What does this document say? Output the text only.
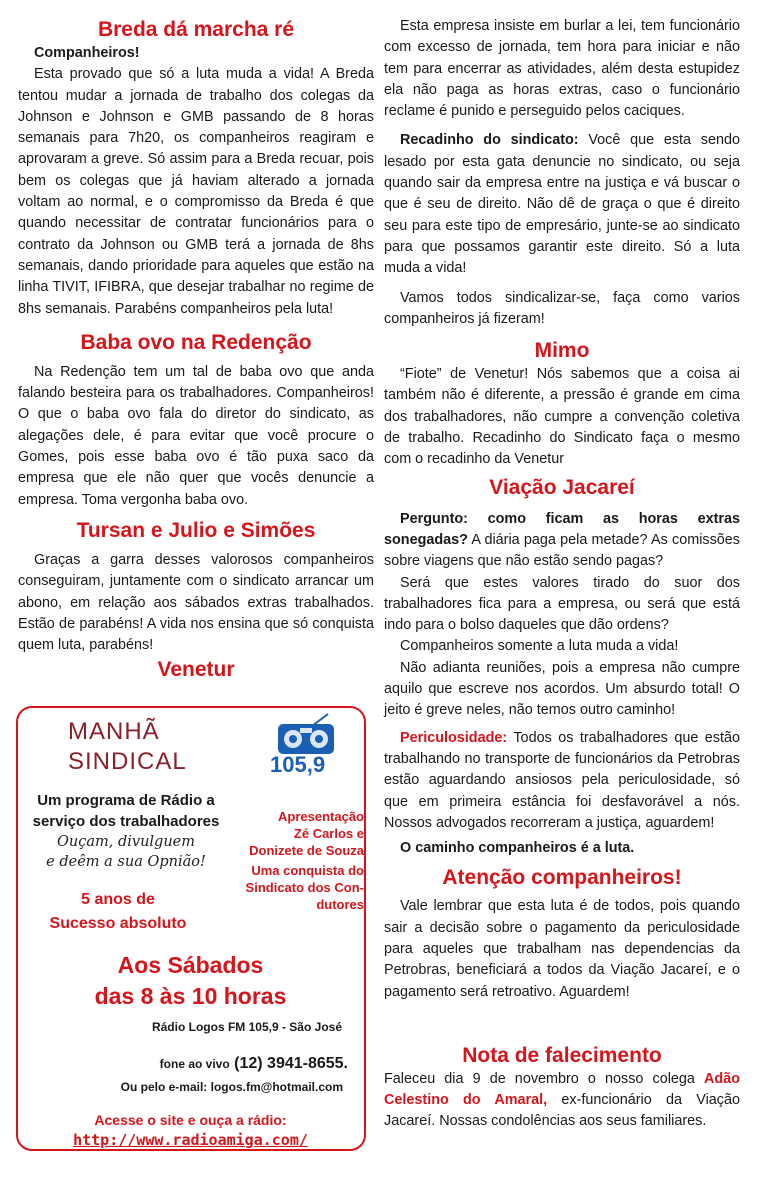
Breda dá marcha ré

Companheiros!

Esta provado que só a luta muda a vida! A Breda tentou mudar a jornada de trabalho dos colegas da Johnson e Johnson e GMB passando de 8 horas semanais para 7h20, os companheiros reagiram e aprovaram a greve. Só assim para a Breda recuar, pois bem os colegas que já haviam alterado a jornada voltam ao normal, e o compromisso da Breda é que quando necessitar de contratar funcionários para o contrato da Johnson ou GMB terá a jornada de 8hs semanais, dando prioridade para aqueles que estão na linha TIVIT, IFIBRA, que desejar trabalhar no regime de 8hs semanais. Parabéns companheiros pela luta!

Baba ovo na Redenção

Na Redenção tem um tal de baba ovo que anda falando besteira para os trabalhadores. Companheiros! O que o baba ovo fala do diretor do sindicato, as alegações dele, é para evitar que você procure o Gomes, pois esse baba ovo é tão puxa saco da empresa que ele não quer que vocês denuncie a empresa. Toma vergonha baba ovo.

Tursan e Julio e Simões

Graças a garra desses valorosos companheiros conseguiram, juntamente com o sindicato arrancar um abono, em relação aos sábados extras trabalhados. Estão de parabéns! A vida nos ensina que só conquista quem luta, parabéns!

Venetur
MANHÃ
SINDICAL	105,9
Um programa de Rádio a
serviço dos trabalhadores
Ouçam, divulguem
e deêm a sua Opnião!
Apresentação
Zé Carlos e
Donizete de Souza
Uma conquista do
Sindicato dos Con-
dutores
5 anos de
Sucesso absoluto
Aos Sábados
das 8 às 10 horas
Rádio Logos FM 105,9 - São José
fone ao vivo (12) 3941-8655.
Ou pelo e-mail: logos.fm@hotmail.com
Acesse o site e ouça a rádio:
http://www.radioamiga.com/

Esta empresa insiste em burlar a lei, tem funcionário com excesso de jornada, tem hora para iniciar e não tem para encerrar as atividades, além desta estupidez ela não paga as horas extras, caso o funcionário reclame é punido e perseguido pelos caciques.

Recadinho do sindicato: Você que esta sendo lesado por esta gata denuncie no sindicato, ou seja quando sair da empresa entre na justiça e vá buscar o que é seu de direito. Não dê de graça o que é direito seu para este tipo de empresário, junte-se ao sindicato para que possamos garantir este direito. Só a luta muda a vida!

Vamos todos sindicalizar-se, faça como varios companheiros já fizeram!

Mimo

“Fiote” de Venetur! Nós sabemos que a coisa ai também não é diferente, a pressão é grande em cima dos trabalhadores, não cumpre a convenção coletiva de trabalho. Recadinho do Sindicato faça o mesmo com o recadinho da Venetur

Viação Jacareí

Pergunto: como ficam as horas extras sonegadas? A diária paga pela metade? As comissões sobre viagens que não estão sendo pagas?

Será que estes valores tirado do suor dos trabalhadores fica para a empresa, ou será que está indo para o bolso daqueles que dão ordens?

Companheiros somente a luta muda a vida!

Não adianta reuniões, pois a empresa não cumpre aquilo que escreve nos acordos. Um absurdo total! O jeito é greve neles, não temos outro caminho!

Periculosidade: Todos os trabalhadores que estão trabalhando no transporte de funcionários da Petrobras estão aguardando ansiosos pela periculosidade, só que em primeira estância foi desfavorável a nós. Nossos advogados recorreram a justiça, aguardem!

O caminho companheiros é a luta.

Atenção companheiros!

Vale lembrar que esta luta é de todos, pois quando sair a decisão sobre o pagamento da periculosidade para aqueles que trabalham nas dependencias da Petrobras, beneficiará a todos da Viação Jacareí, e o pagamento será retroativo. Aguardem!

Nota de falecimento

Faleceu dia 9 de novembro o nosso colega Adão Celestino do Amaral, ex-funcionário da Viação Jacareí. Nossas condolências aos seus familiares.
